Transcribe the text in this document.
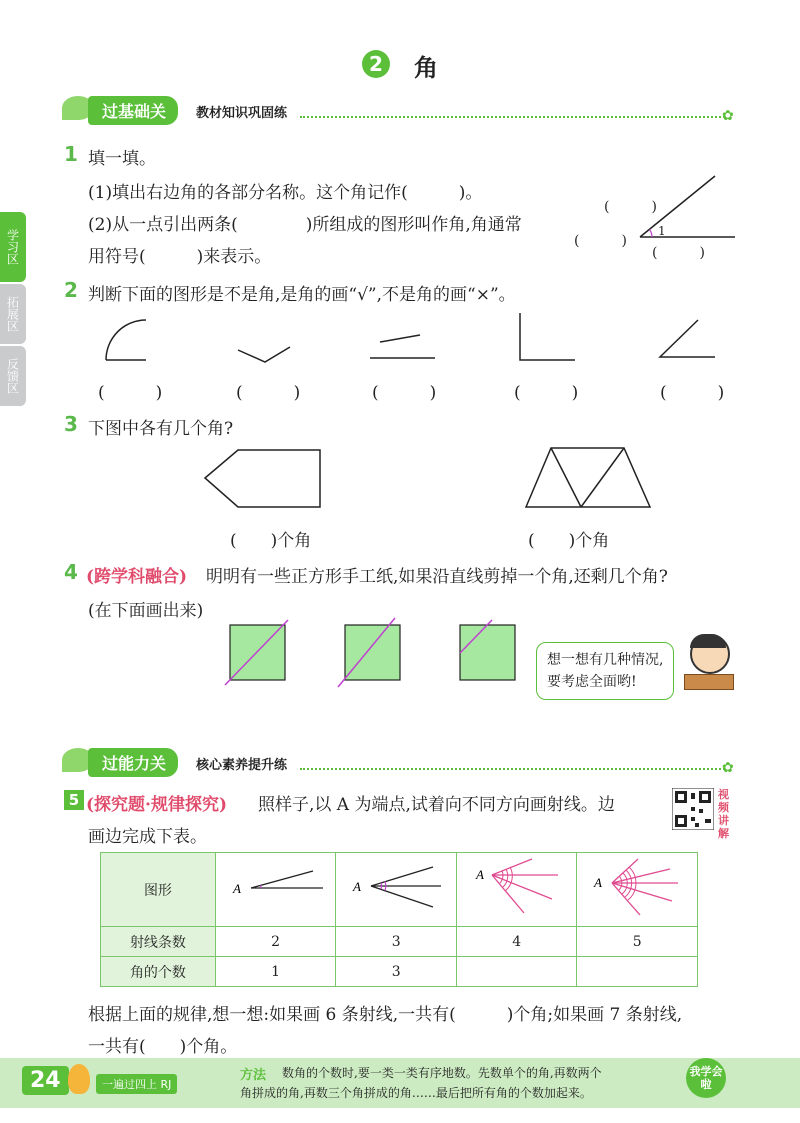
2 角
过基础关	教材知识巩固练	✿
学习区
拓展区
反馈区
1 填一填。
(1)填出右边角的各部分名称。这个角记作(　　　)。
(2)从一点引出两条(　　　　)所组成的图形叫作角,角通常
用符号(　　　)来表示。
(　　　)
(　　　)
1
(　　　)
2 判断下面的图形是不是角,是角的画“√”,不是角的画“×”。
(　　　)	(　　　)	(　　　)	(　　　)	(　　　)
3 下图中各有几个角?
(　　)个角	(　　)个角
4 (跨学科融合) 明明有一些正方形手工纸,如果沿直线剪掉一个角,还剩几个角?
(在下面画出来)
想一想有几种情况,
要考虑全面哟!
过能力关	核心素养提升练	✿
5 (探究题·规律探究) 照样子,以 A 为端点,试着向不同方向画射线。边
画边完成下表。
视频讲解
图形	A	A	A	A

射线条数	2	3	4	5
角的个数	1	3		
根据上面的规律,想一想:如果画 6 条射线,一共有(　　　)个角;如果画 7 条射线,
一共有(　　)个角。
24	一遍过四上 RJ
方法 数角的个数时,要一类一类有序地数。先数单个的角,再数两个
角拼成的角,再数三个角拼成的角……最后把所有角的个数加起来。
我学会啦
